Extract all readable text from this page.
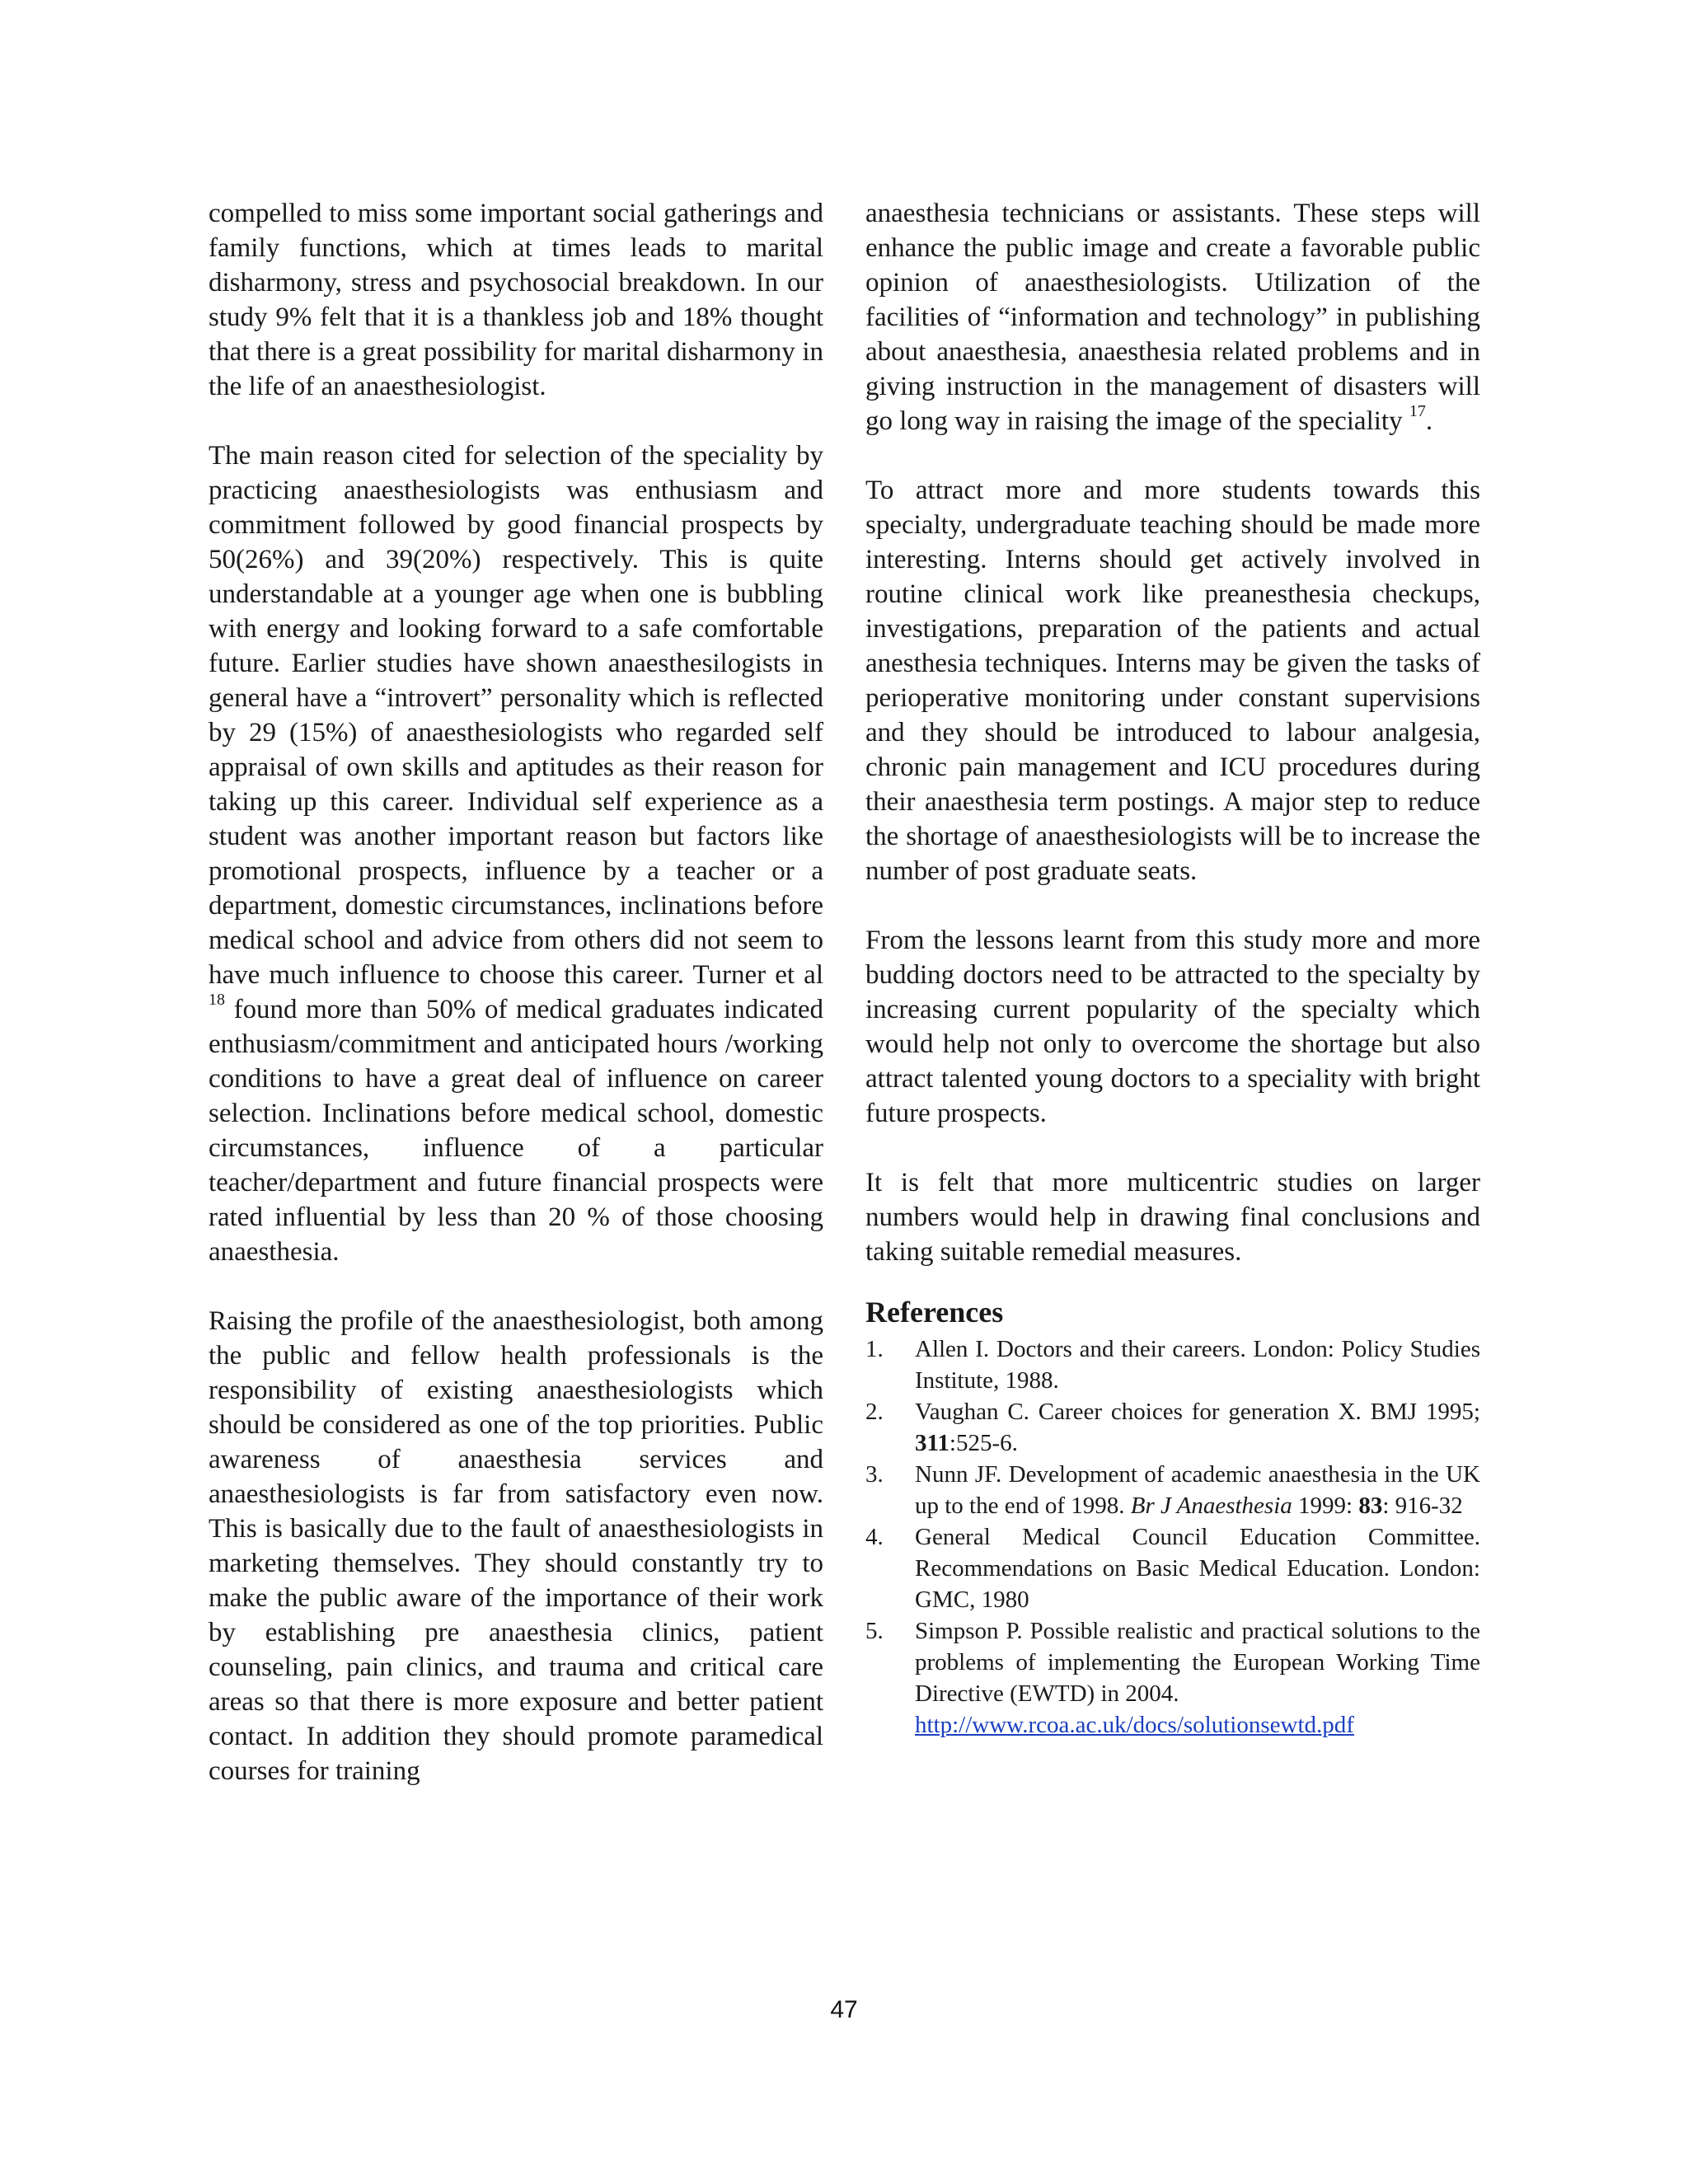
compelled to miss some important social gatherings and family functions, which at times leads to marital disharmony, stress and psychosocial breakdown. In our study 9% felt that it is a thankless job and 18% thought that there is a great possibility for marital disharmony in the life of an anaesthesiologist.

The main reason cited for selection of the speciality by practicing anaesthesiologists was enthusiasm and commitment followed by good financial prospects by 50(26%) and 39(20%) respectively. This is quite understandable at a younger age when one is bubbling with energy and looking forward to a safe comfortable future. Earlier studies have shown anaesthesilogists in general have a “introvert” personality which is reflected by 29 (15%) of anaesthesiologists who regarded self appraisal of own skills and aptitudes as their reason for taking up this career. Individual self experience as a student was another important reason but factors like promotional prospects, influence by a teacher or a department, domestic circumstances, inclinations before medical school and advice from others did not seem to have much influence to choose this career. Turner et al $^{18}$ found more than 50% of medical graduates indicated enthusiasm/commitment and anticipated hours /working conditions to have a great deal of influence on career selection. Inclinations before medical school, domestic circumstances, influence of a particular teacher/department and future financial prospects were rated influential by less than 20 % of those choosing anaesthesia.

Raising the profile of the anaesthesiologist, both among the public and fellow health professionals is the responsibility of existing anaesthesiologists which should be considered as one of the top priorities. Public awareness of anaesthesia services and anaesthesiologists is far from satisfactory even now. This is basically due to the fault of anaesthesiologists in marketing themselves. They should constantly try to make the public aware of the importance of their work by establishing pre anaesthesia clinics, patient counseling, pain clinics, and trauma and critical care areas so that there is more exposure and better patient contact. In addition they should promote paramedical courses for training

anaesthesia technicians or assistants. These steps will enhance the public image and create a favorable public opinion of anaesthesiologists. Utilization of the facilities of “information and technology” in publishing about anaesthesia, anaesthesia related problems and in giving instruction in the management of disasters will go long way in raising the image of the speciality $^{17}$.

To attract more and more students towards this specialty, undergraduate teaching should be made more interesting. Interns should get actively involved in routine clinical work like preanesthesia checkups, investigations, preparation of the patients and actual anesthesia techniques. Interns may be given the tasks of perioperative monitoring under constant supervisions and they should be introduced to labour analgesia, chronic pain management and ICU procedures during their anaesthesia term postings. A major step to reduce the shortage of anaesthesiologists will be to increase the number of post graduate seats.

From the lessons learnt from this study more and more budding doctors need to be attracted to the specialty by increasing current popularity of the specialty which would help not only to overcome the shortage but also attract talented young doctors to a speciality with bright future prospects.

It is felt that more multicentric studies on larger numbers would help in drawing final conclusions and taking suitable remedial measures.

References
1. Allen I. Doctors and their careers. London: Policy Studies Institute, 1988.
2. Vaughan C. Career choices for generation X. BMJ 1995; 311:525-6.
3. Nunn JF. Development of academic anaesthesia in the UK up to the end of 1998. Br J Anaesthesia 1999: 83: 916-32
4. General Medical Council Education Committee. Recommendations on Basic Medical Education. London: GMC, 1980
5. Simpson P. Possible realistic and practical solutions to the problems of implementing the European Working Time Directive (EWTD) in 2004.
http://www.rcoa.ac.uk/docs/solutionsewtd.pdf
47
